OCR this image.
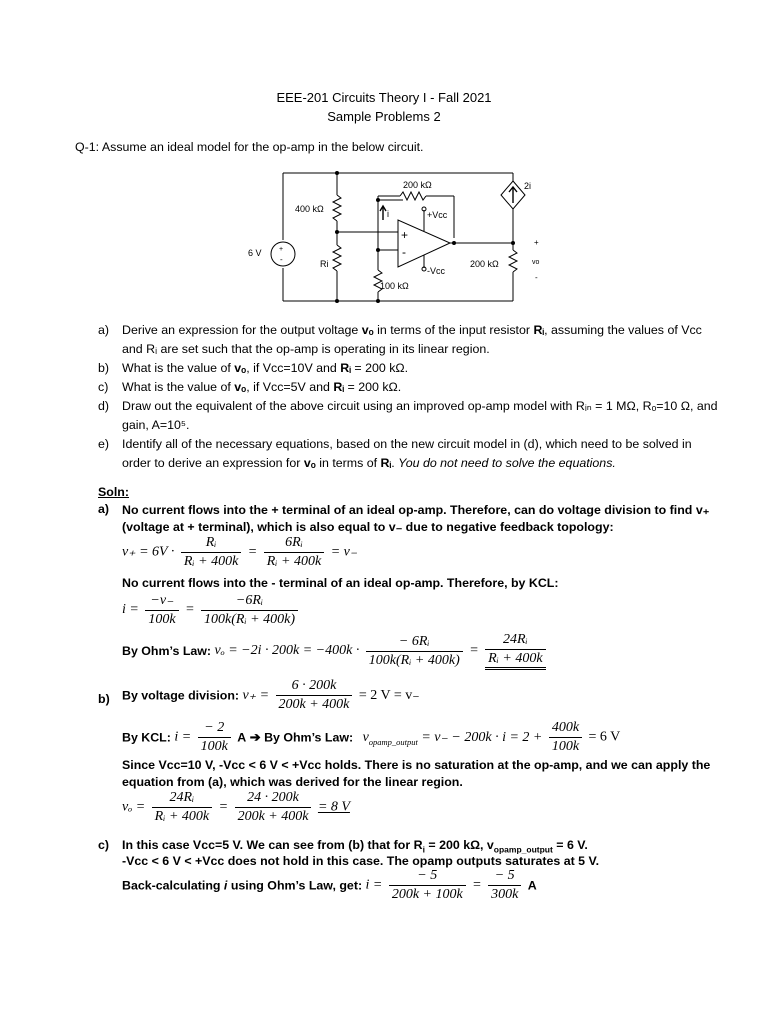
EEE-201 Circuits Theory I - Fall 2021
Sample Problems 2
Q-1: Assume an ideal model for the op-amp in the below circuit.
400 kΩ
200 kΩ	2i
i	+Vcc
-Vcc
+
-
6 V +
-	Ri	200 kΩ	vo
+
-
100 kΩ
a) Derive an expression for the output voltage vₒ in terms of the input resistor Rᵢ, assuming the values of Vcc and Rᵢ are set such that the op-amp is operating in its linear region.
b) What is the value of vₒ, if Vcc=10V and Rᵢ = 200 kΩ.
c) What is the value of vₒ, if Vcc=5V and Rᵢ = 200 kΩ.
d) Draw out the equivalent of the above circuit using an improved op-amp model with Rᵢₙ = 1 MΩ, Rₒ=10 Ω, and gain, A=10⁵.
e) Identify all of the necessary equations, based on the new circuit model in (d), which need to be solved in order to derive an expression for vₒ in terms of Rᵢ. You do not need to solve the equations.
Soln:
a) No current flows into the + terminal of an ideal op-amp. Therefore, can do voltage division to find v₊
(voltage at + terminal), which is also equal to v₋ due to negative feedback topology:
$v_+ = 6V \cdot \frac{\text{Rᵢ}}{\text{Rᵢ + 400k}} = \frac{\text{6Rᵢ}}{\text{Rᵢ + 400k}} = v_-$
No current flows into the - terminal of an ideal op-amp. Therefore, by KCL:
$i = \frac{-v_-}{100k} = \frac{\text{−6Rᵢ}}{\text{100k(Rᵢ + 400k)}}$
By Ohm’s Law: $v_o = -2i \cdot 200k = -400k \cdot \frac{\text{− 6Rᵢ}}{\text{100k(Rᵢ + 400k)}} = \frac{\text{24Rᵢ}}{\text{Rᵢ + 400k}}$
b) By voltage division: $v_+ = \frac{6 \cdot 200k}{200k + 400k} = 2$ V = v₋
By KCL: $i = \frac{- 2}{100k}$ A ➔ By Ohm’s Law: $v_{opamp\_output} = v_- - 200k \cdot i = 2 + \frac{400k}{100k} = 6$ V
Since Vcc=10 V, -Vcc < 6 V < +Vcc holds. There is no saturation at the op-amp, and we can apply the
equation from (a), which was derived for the linear region.
$v_o = \frac{\text{24Rᵢ}}{\text{Rᵢ + 400k}} = \frac{24 \cdot 200k}{200k + 400k} = 8$ V
c) In this case Vcc=5 V. We can see from (b) that for $R_i = 200$ kΩ, $v_{opamp\_output} = 6$ V.
-Vcc < 6 V < +Vcc does not hold in this case. The opamp outputs saturates at 5 V.
Back-calculating i using Ohm’s Law, get: $i = \frac{- 5}{200k + 100k} = \frac{- 5}{300k}$ A
